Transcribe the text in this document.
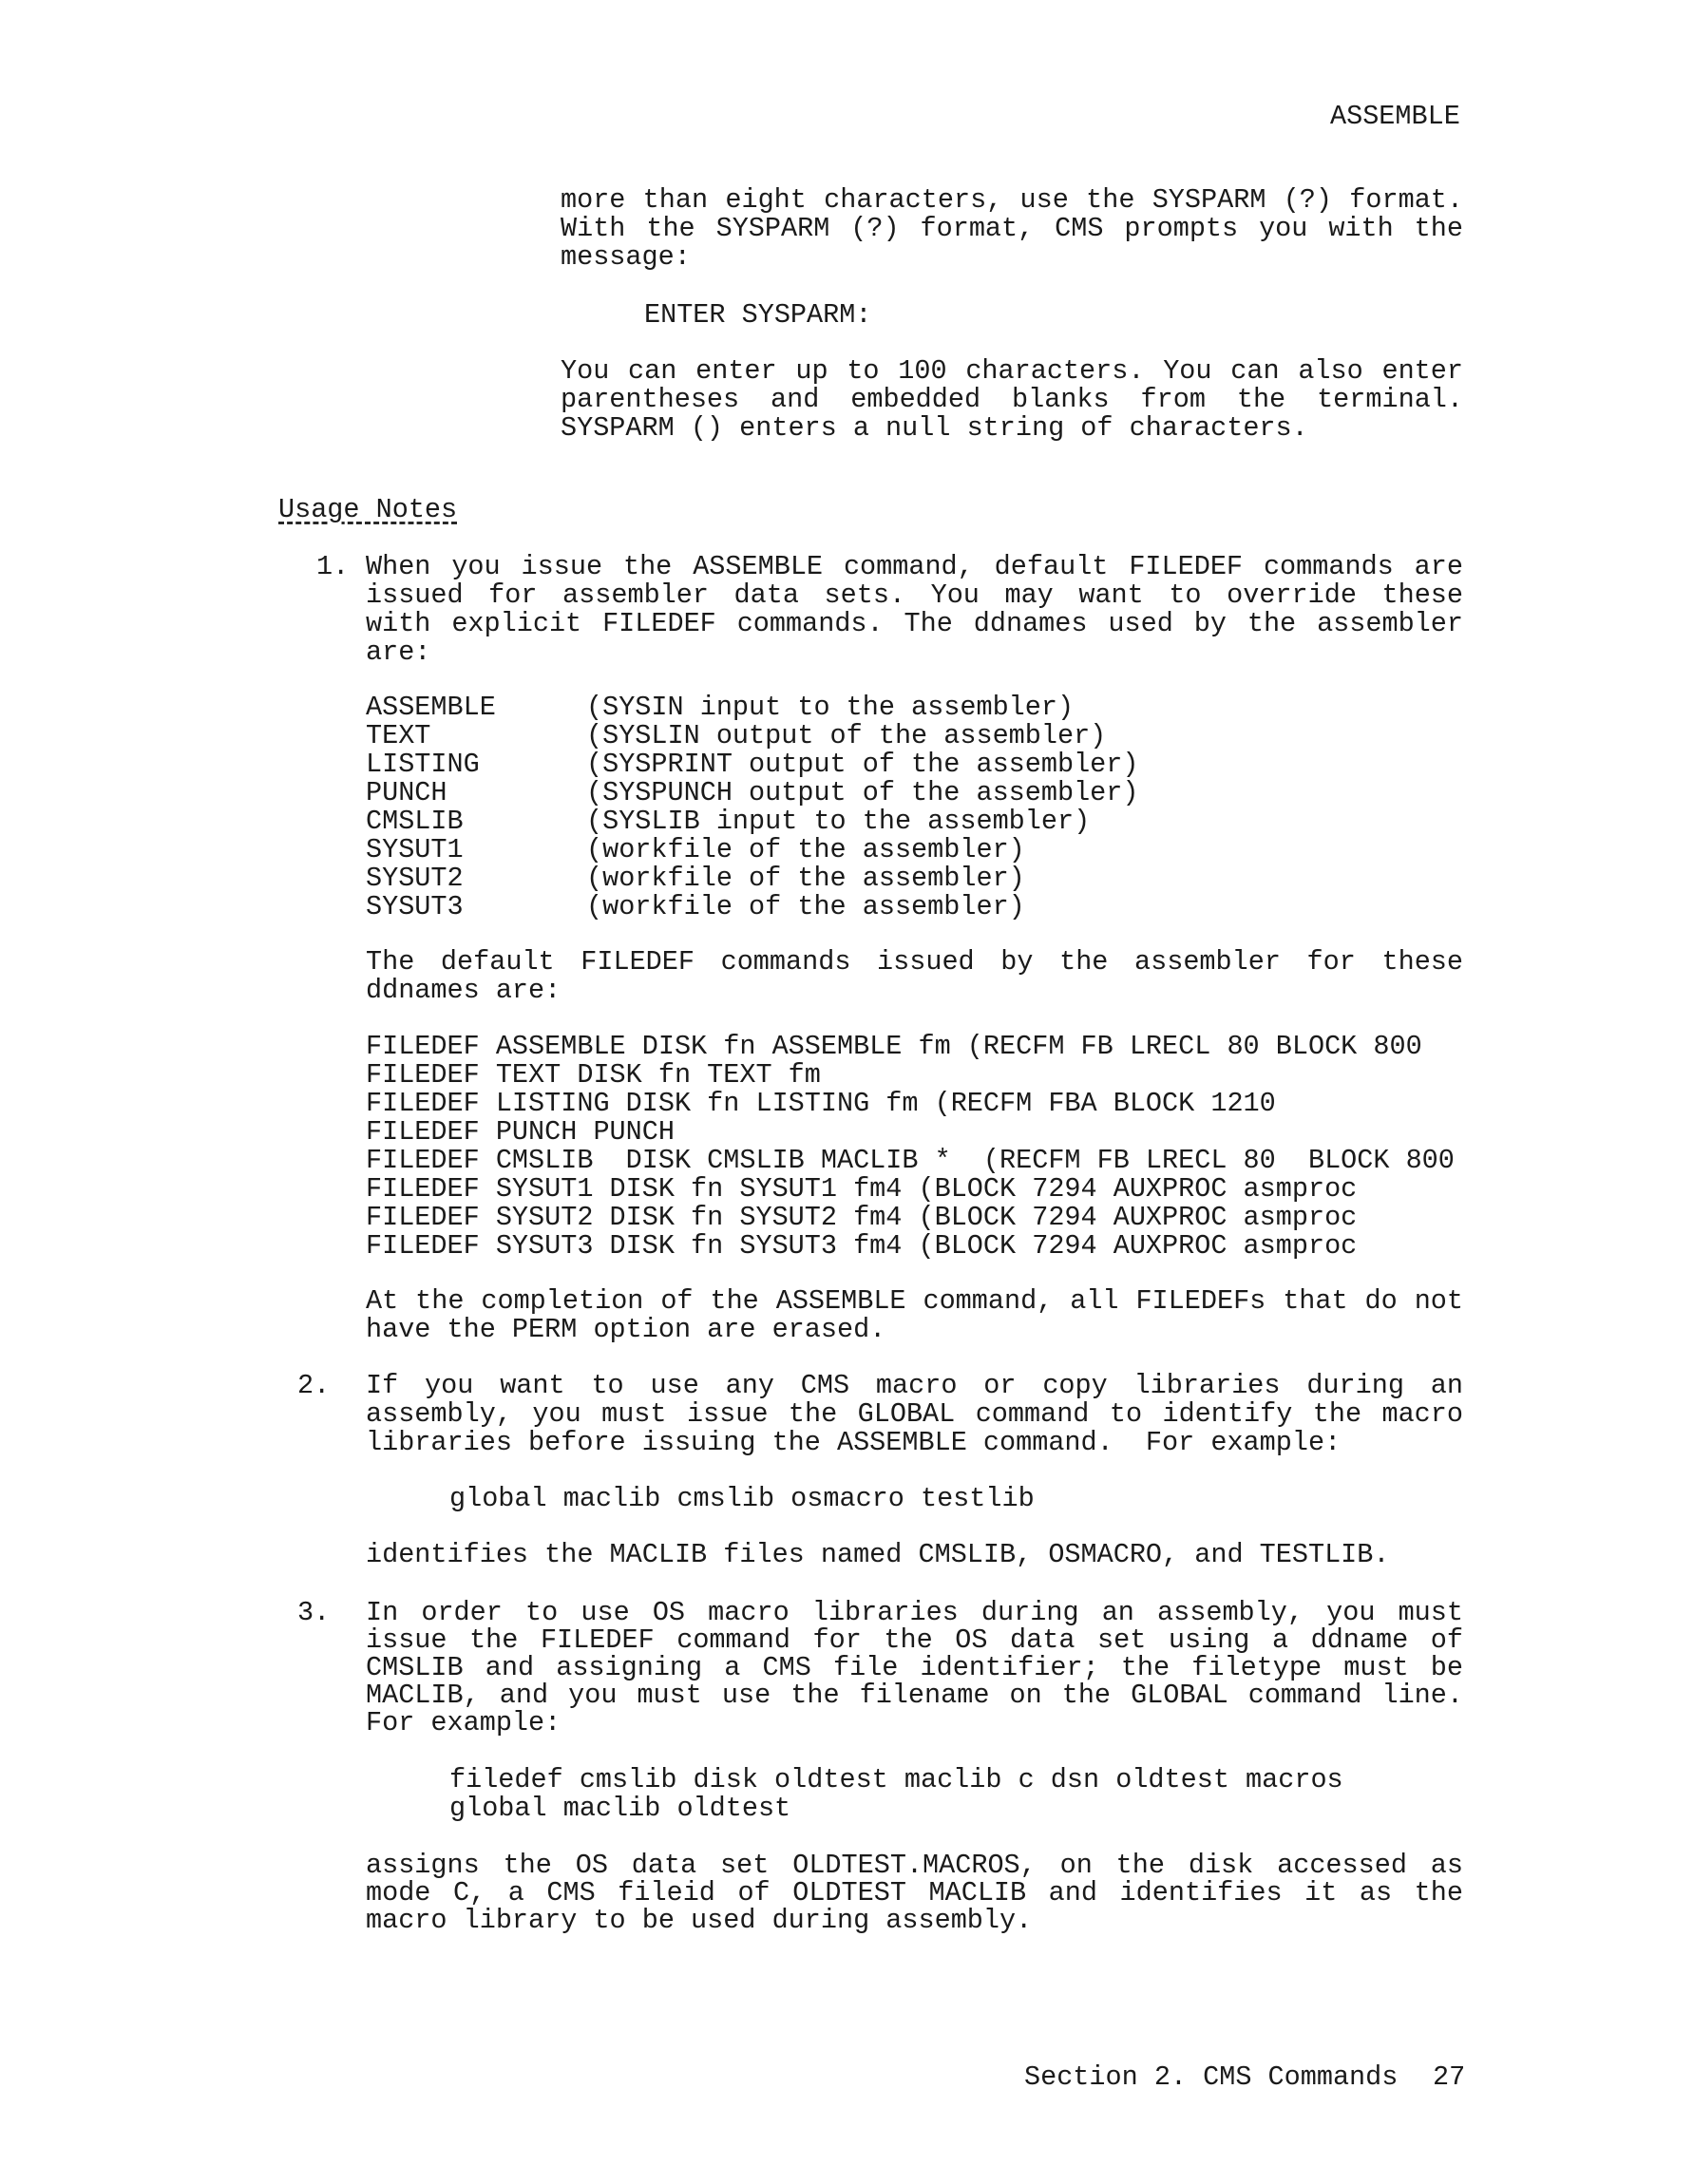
ASSEMBLE
more than eight characters, use the SYSPARM (?) format.
With the SYSPARM (?) format, CMS prompts you with the
message:
ENTER SYSPARM:
You can enter up to 100 characters. You can also enter
parentheses and embedded blanks from the terminal.
SYSPARM () enters a null string of characters.
Usage Notes
1. When you issue the ASSEMBLE command, default FILEDEF commands are
issued for assembler data sets. You may want to override these
with explicit FILEDEF commands. The ddnames used by the assembler
are:
ASSEMBLE	(SYSIN input to the assembler)
TEXT	(SYSLIN output of the assembler)
LISTING	(SYSPRINT output of the assembler)
PUNCH	(SYSPUNCH output of the assembler)
CMSLIB	(SYSLIB input to the assembler)
SYSUT1	(workfile of the assembler)
SYSUT2	(workfile of the assembler)
SYSUT3	(workfile of the assembler)
The default FILEDEF commands issued by the assembler for these
ddnames are:
FILEDEF ASSEMBLE DISK fn ASSEMBLE fm (RECFM FB LRECL 80 BLOCK 800
FILEDEF TEXT DISK fn TEXT fm
FILEDEF LISTING DISK fn LISTING fm (RECFM FBA BLOCK 1210
FILEDEF PUNCH PUNCH
FILEDEF CMSLIB  DISK CMSLIB MACLIB *  (RECFM FB LRECL 80  BLOCK 800
FILEDEF SYSUT1 DISK fn SYSUT1 fm4 (BLOCK 7294 AUXPROC asmproc
FILEDEF SYSUT2 DISK fn SYSUT2 fm4 (BLOCK 7294 AUXPROC asmproc
FILEDEF SYSUT3 DISK fn SYSUT3 fm4 (BLOCK 7294 AUXPROC asmproc
At the completion of the ASSEMBLE command, all FILEDEFs that do not
have the PERM option are erased.
2. If you want to use any CMS macro or copy libraries during an
assembly, you must issue the GLOBAL command to identify the macro
libraries before issuing the ASSEMBLE command.  For example:
global maclib cmslib osmacro testlib
identifies the MACLIB files named CMSLIB, OSMACRO, and TESTLIB.
3. In order to use OS macro libraries during an assembly, you must
issue the FILEDEF command for the OS data set using a ddname of
CMSLIB and assigning a CMS file identifier; the filetype must be
MACLIB, and you must use the filename on the GLOBAL command line.
For example:
filedef cmslib disk oldtest maclib c dsn oldtest macros
global maclib oldtest
assigns the OS data set OLDTEST.MACROS, on the disk accessed as
mode C, a CMS fileid of OLDTEST MACLIB and identifies it as the
macro library to be used during assembly.
Section 2. CMS Commands 27
